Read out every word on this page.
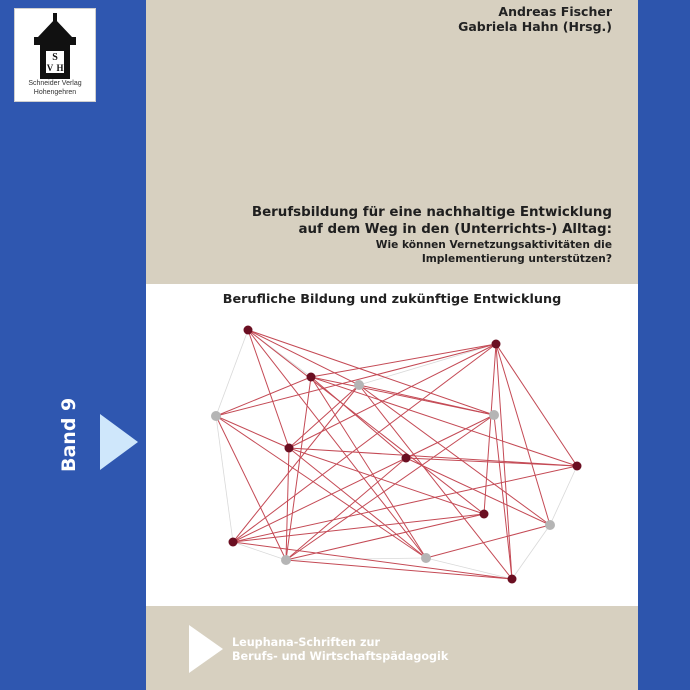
S
V H
Schneider Verlag
Hohengehren
Andreas Fischer
Gabriela Hahn (Hrsg.)
Berufsbildung für eine nachhaltige Entwicklung
auf dem Weg in den (Unterrichts-) Alltag:
Wie können Vernetzungsaktivitäten die
Implementierung unterstützen?
Berufliche Bildung und zukünftige Entwicklung
Band 9
Leuphana-Schriften zur
Berufs- und Wirtschaftspädagogik
